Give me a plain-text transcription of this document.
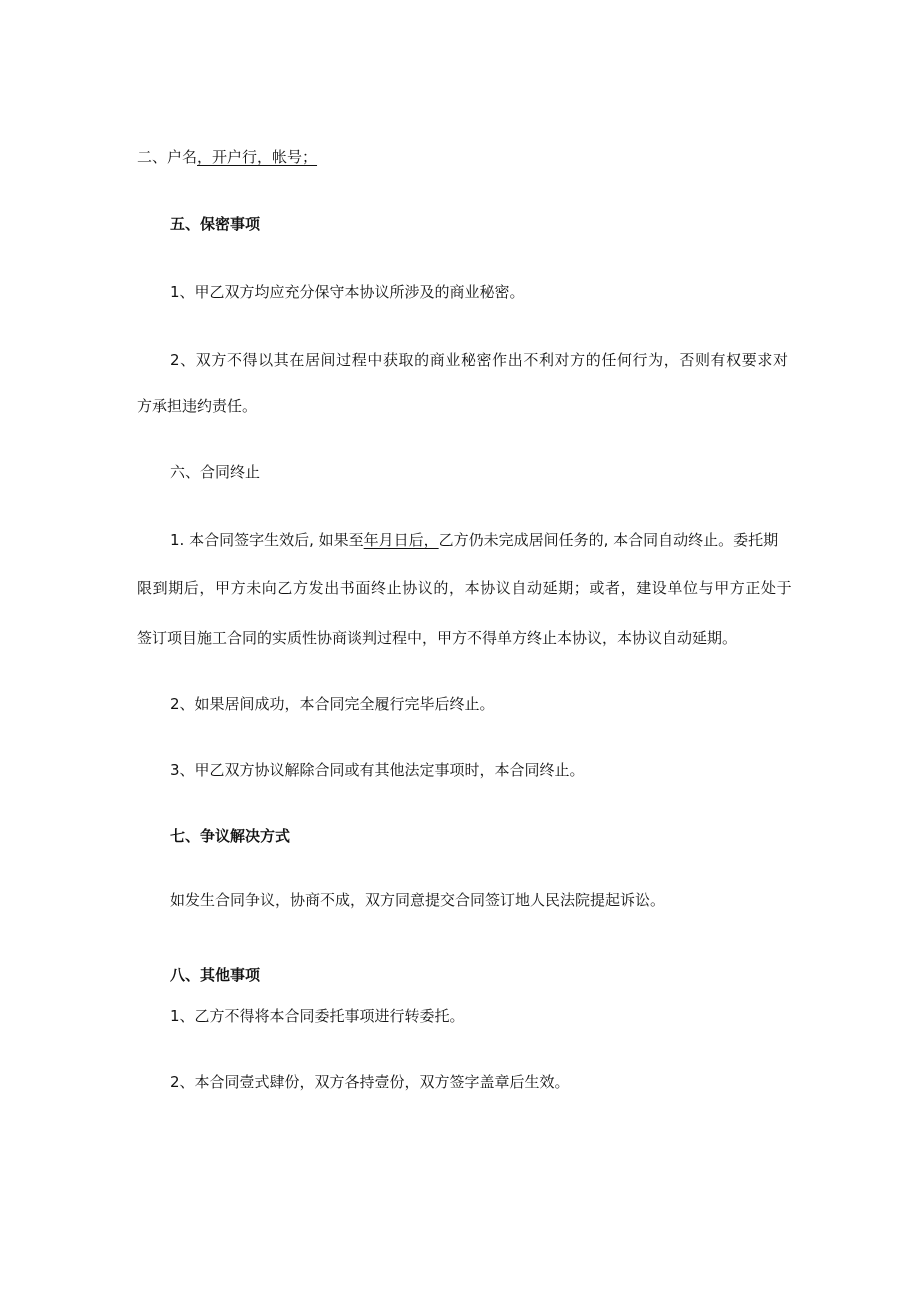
二、户名，开户行，帐号；
五、保密事项
1、甲乙双方均应充分保守本协议所涉及的商业秘密。
2、双方不得以其在居间过程中获取的商业秘密作出不利对方的任何行为，否则有权要求对
方承担违约责任。
六、合同终止
1. 本合同签字生效后, 如果至年月日后，乙方仍未完成居间任务的, 本合同自动终止。委托期
限到期后，甲方未向乙方发出书面终止协议的，本协议自动延期；或者，建设单位与甲方正处于
签订项目施工合同的实质性协商谈判过程中，甲方不得单方终止本协议，本协议自动延期。
2、如果居间成功，本合同完全履行完毕后终止。
3、甲乙双方协议解除合同或有其他法定事项时，本合同终止。
七、争议解决方式
如发生合同争议，协商不成，双方同意提交合同签订地人民法院提起诉讼。
八、其他事项
1、乙方不得将本合同委托事项进行转委托。
2、本合同壹式肆份，双方各持壹份，双方签字盖章后生效。
